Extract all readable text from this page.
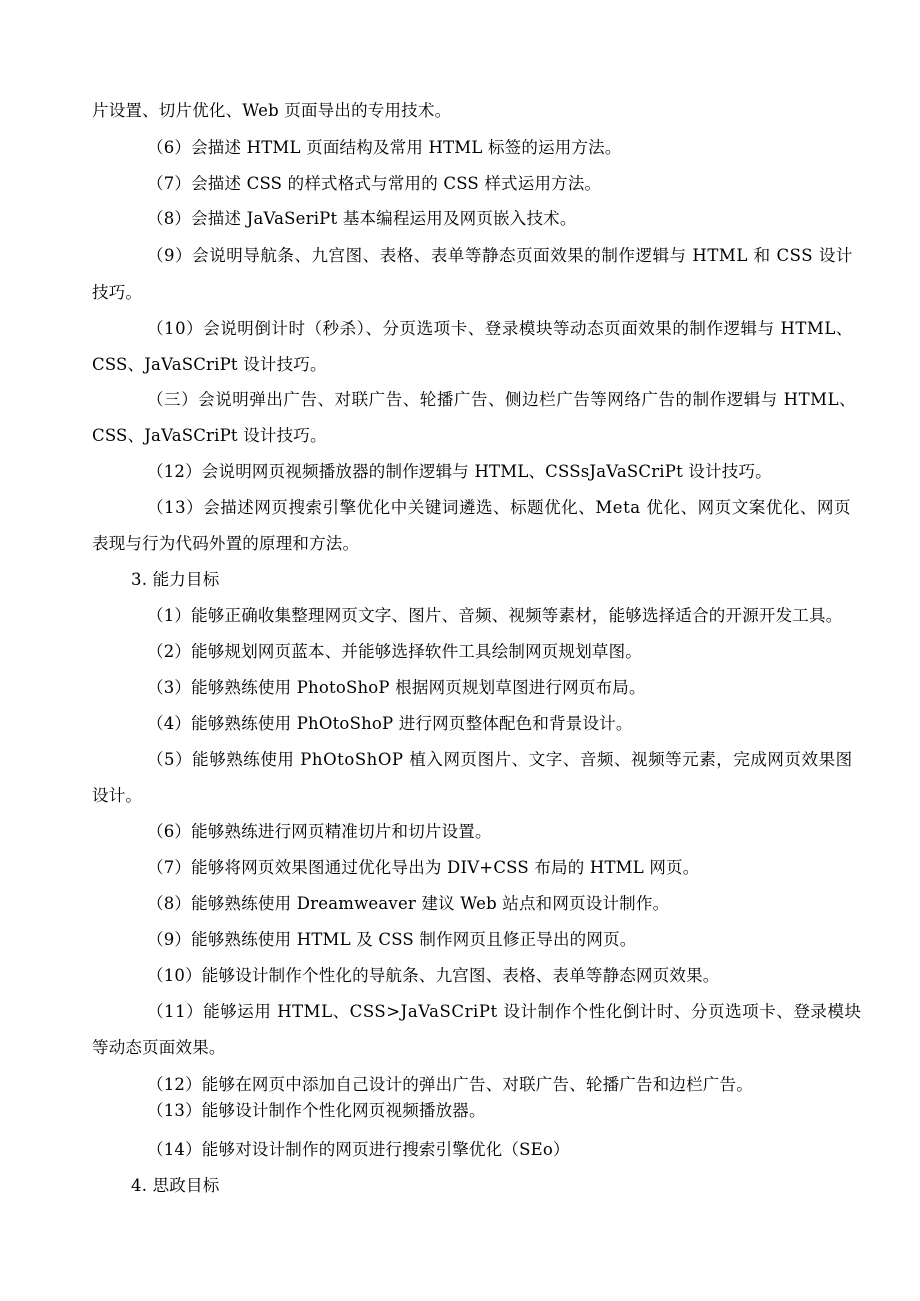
片设置、切片优化、Web 页面导出的专用技术。
（6）会描述 HTML 页面结构及常用 HTML 标签的运用方法。
（7）会描述 CSS 的样式格式与常用的 CSS 样式运用方法。
（8）会描述 JaVaSeriPt 基本编程运用及网页嵌入技术。
（9）会说明导航条、九宫图、表格、表单等静态页面效果的制作逻辑与 HTML 和 CSS 设计
技巧。
（10）会说明倒计时（秒杀）、分页选项卡、登录模块等动态页面效果的制作逻辑与 HTML、
CSS、JaVaSCriPt 设计技巧。
（三）会说明弹出广告、对联广告、轮播广告、侧边栏广告等网络广告的制作逻辑与 HTML、
CSS、JaVaSCriPt 设计技巧。
（12）会说明网页视频播放器的制作逻辑与 HTML、CSSsJaVaSCriPt 设计技巧。
（13）会描述网页搜索引擎优化中关键词遴选、标题优化、Meta 优化、网页文案优化、网页
表现与行为代码外置的原理和方法。
3. 能力目标
（1）能够正确收集整理网页文字、图片、音频、视频等素材，能够选择适合的开源开发工具。
（2）能够规划网页蓝本、并能够选择软件工具绘制网页规划草图。
（3）能够熟练使用 PhotoShoP 根据网页规划草图进行网页布局。
（4）能够熟练使用 PhOtoShoP 进行网页整体配色和背景设计。
（5）能够熟练使用 PhOtoShOP 植入网页图片、文字、音频、视频等元素，完成网页效果图
设计。
（6）能够熟练进行网页精准切片和切片设置。
（7）能够将网页效果图通过优化导出为 DIV+CSS 布局的 HTML 网页。
（8）能够熟练使用 Dreamweaver 建议 Web 站点和网页设计制作。
（9）能够熟练使用 HTML 及 CSS 制作网页且修正导出的网页。
（10）能够设计制作个性化的导航条、九宫图、表格、表单等静态网页效果。
（11）能够运用 HTML、CSS>JaVaSCriPt 设计制作个性化倒计时、分页选项卡、登录模块
等动态页面效果。
（12）能够在网页中添加自己设计的弹出广告、对联广告、轮播广告和边栏广告。
（13）能够设计制作个性化网页视频播放器。
（14）能够对设计制作的网页进行搜索引擎优化（SEo）
4. 思政目标
